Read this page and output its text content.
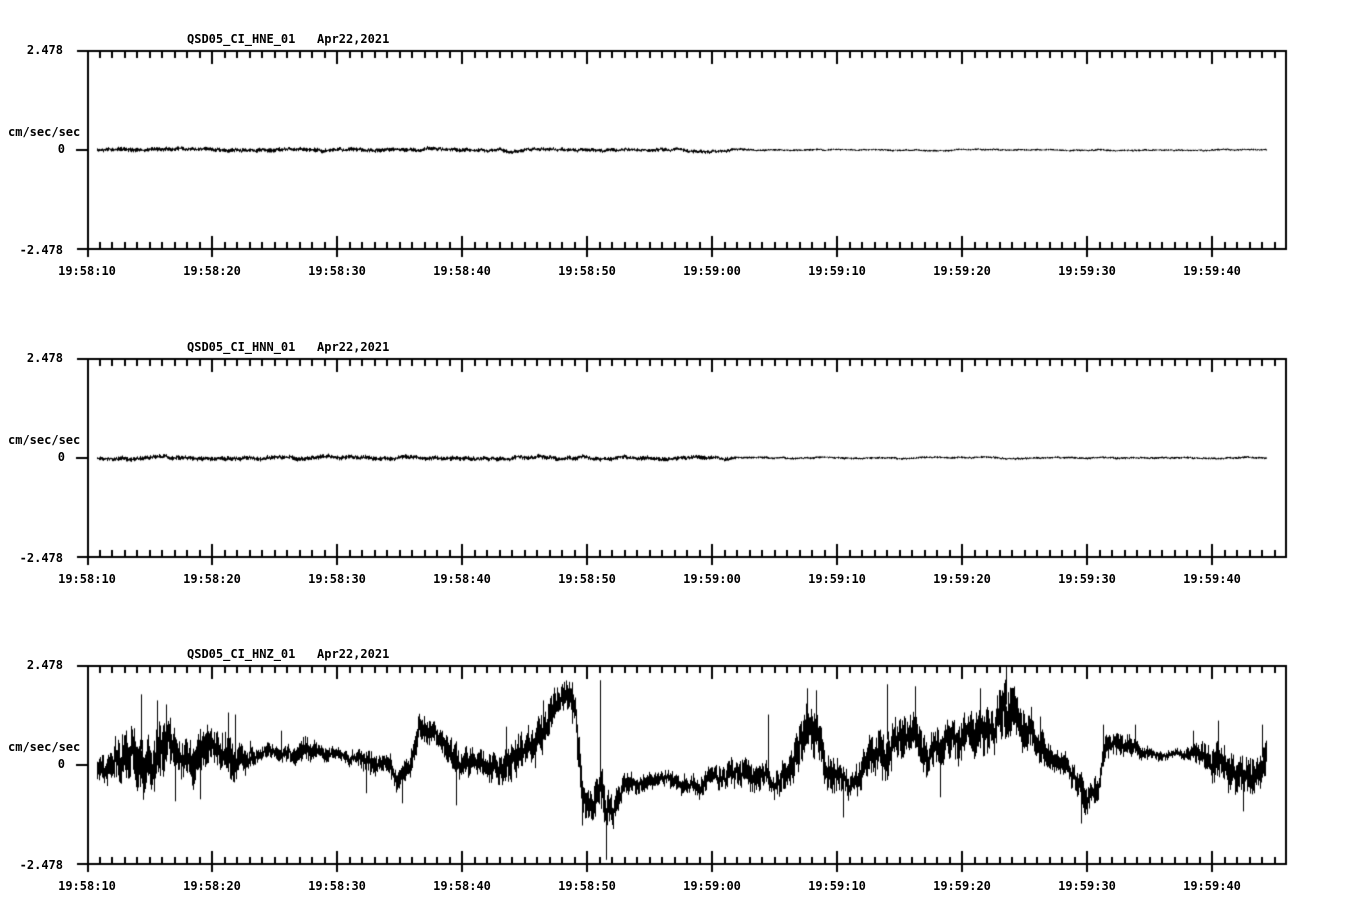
QSD05_CI_HNE_01   Apr22,2021
2.478
cm/sec/sec
0
-2.478
19:58:10	19:58:20	19:58:30	19:58:40	19:58:50	19:59:00	19:59:10	19:59:20	19:59:30	19:59:40
QSD05_CI_HNN_01   Apr22,2021
2.478
cm/sec/sec
0
-2.478
19:58:10	19:58:20	19:58:30	19:58:40	19:58:50	19:59:00	19:59:10	19:59:20	19:59:30	19:59:40
QSD05_CI_HNZ_01   Apr22,2021
2.478
cm/sec/sec
0
-2.478
19:58:10	19:58:20	19:58:30	19:58:40	19:58:50	19:59:00	19:59:10	19:59:20	19:59:30	19:59:40
